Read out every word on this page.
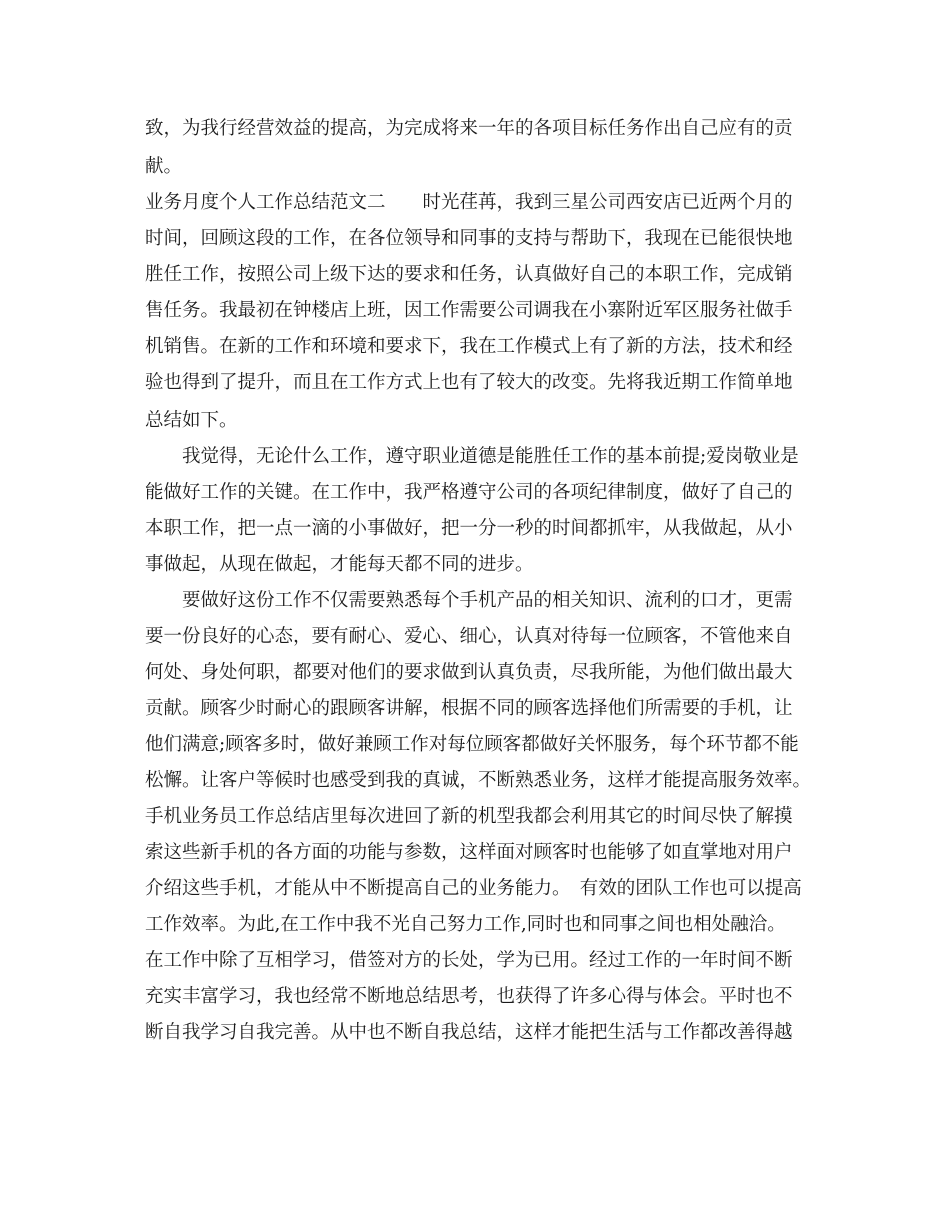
致，为我行经营效益的提高，为完成将来一年的各项目标任务作出自己应有的贡

献。

业务月度个人工作总结范文二　　时光荏苒，我到三星公司西安店已近两个月的

时间，回顾这段的工作，在各位领导和同事的支持与帮助下，我现在已能很快地

胜任工作，按照公司上级下达的要求和任务，认真做好自己的本职工作，完成销

售任务。我最初在钟楼店上班，因工作需要公司调我在小寨附近军区服务社做手

机销售。在新的工作和环境和要求下，我在工作模式上有了新的方法，技术和经

验也得到了提升，而且在工作方式上也有了较大的改变。先将我近期工作简单地

总结如下。

　　我觉得，无论什么工作，遵守职业道德是能胜任工作的基本前提;爱岗敬业是

能做好工作的关键。在工作中，我严格遵守公司的各项纪律制度，做好了自己的

本职工作，把一点一滴的小事做好，把一分一秒的时间都抓牢，从我做起，从小

事做起，从现在做起，才能每天都不同的进步。

　　要做好这份工作不仅需要熟悉每个手机产品的相关知识、流利的口才，更需

要一份良好的心态，要有耐心、爱心、细心，认真对待每一位顾客，不管他来自

何处、身处何职，都要对他们的要求做到认真负责，尽我所能，为他们做出最大

贡献。顾客少时耐心的跟顾客讲解，根据不同的顾客选择他们所需要的手机，让

他们满意;顾客多时，做好兼顾工作对每位顾客都做好关怀服务，每个环节都不能

松懈。让客户等候时也感受到我的真诚，不断熟悉业务，这样才能提高服务效率。

手机业务员工作总结店里每次进回了新的机型我都会利用其它的时间尽快了解摸

索这些新手机的各方面的功能与参数，这样面对顾客时也能够了如直掌地对用户

介绍这些手机，才能从中不断提高自己的业务能力。　有效的团队工作也可以提高

工作效率。为此,在工作中我不光自己努力工作,同时也和同事之间也相处融洽。

在工作中除了互相学习，借签对方的长处，学为已用。经过工作的一年时间不断

充实丰富学习，我也经常不断地总结思考，也获得了许多心得与体会。平时也不

断自我学习自我完善。从中也不断自我总结，这样才能把生活与工作都改善得越
